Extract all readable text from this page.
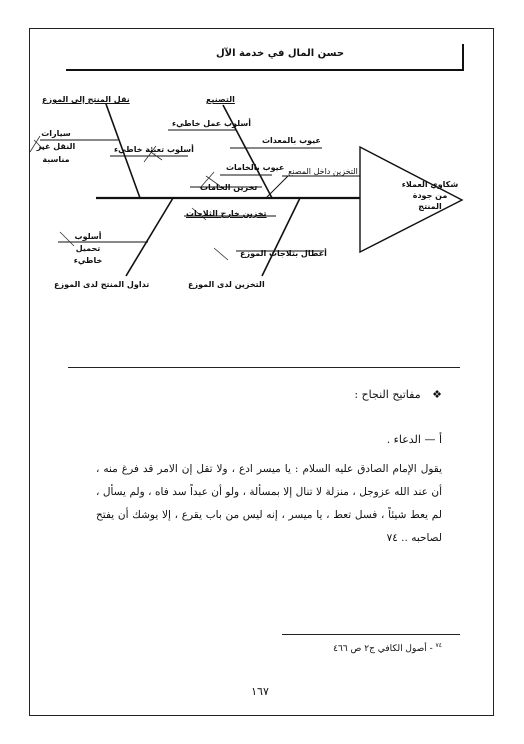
حسن المال في خدمة الآل
شكاوي العملاء
من جودة
المنتج
التصنيع
أسلوب عمل خاطيء
عيوب بالمعدات
عيوب بالخامات التخزين داخل المصنع
تخزين الخامات
نقل المنتج إلى الموزع
سيارات النقل غير مناسبة
أسلوب تعبئة خاطيء
تخزين خارج الثلاجات
أعطال بثلاجات الموزع
أسلوب تحميل خاطيء
تداول المنتج لدى الموزع	التخزين لدى الموزع
❖ مفاتيح النجاح :
أ — الدعاء .
يقول الإمام الصادق عليه السلام : يا ميسر ادع ، ولا تقل إن الامر قد فرغ منه ، أن عند الله عزوجل ، منزلة لا تنال إلا بمسألة ، ولو أن عبداً سد فاه ، ولم يسأل ، لم يعط شيئاً ، فسل تعط ، يا ميسر ، إنه ليس من باب يقرع ، إلا يوشك أن يفتح لصاحبه .. ٧٤
$^{٧٤}$ - أصول الكافي ج٢ ص ٤٦٦
١٦٧
